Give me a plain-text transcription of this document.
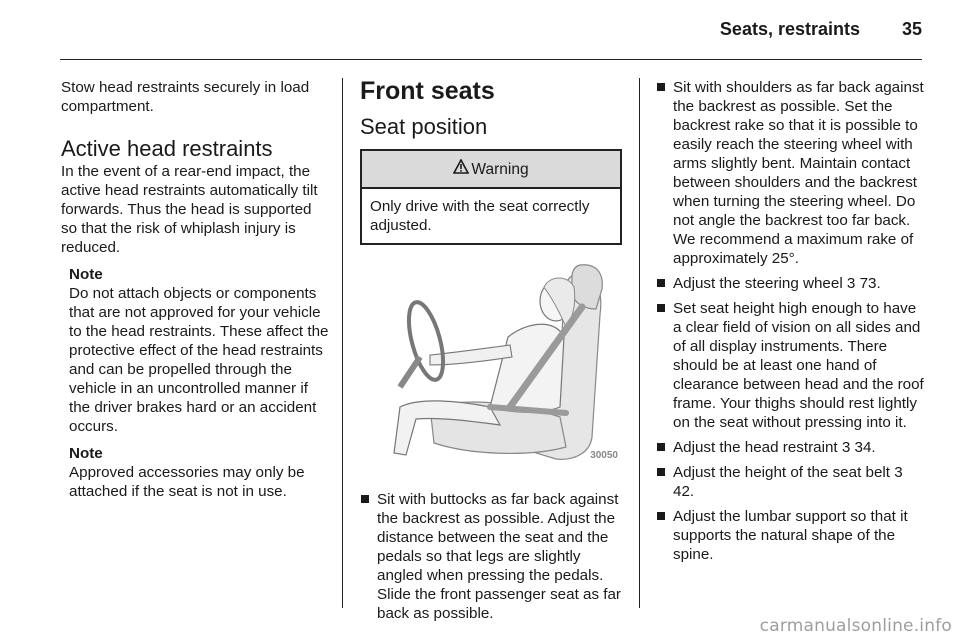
Seats, restraints 35

Stow head restraints securely in load compartment.

Active head restraints

In the event of a rear-end impact, the active head restraints automatically tilt forwards. Thus the head is supported so that the risk of whiplash injury is reduced.

Note

Do not attach objects or components that are not approved for your vehicle to the head restraints. These affect the protective effect of the head restraints and can be propelled through the vehicle in an uncontrolled manner if the driver brakes hard or an accident occurs.

Note

Approved accessories may only be attached if the seat is not in use.

Front seats
Seat position
Warning
Only drive with the seat correctly adjusted.
30050
Sit with buttocks as far back against the backrest as possible. Adjust the distance between the seat and the pedals so that legs are slightly angled when pressing the pedals. Slide the front passenger seat as far back as possible.
Sit with shoulders as far back against the backrest as possible. Set the backrest rake so that it is possible to easily reach the steering wheel with arms slightly bent. Maintain contact between shoulders and the backrest when turning the steering wheel. Do not angle the backrest too far back. We recommend a maximum rake of approximately 25°.
Adjust the steering wheel 3 73.
Set seat height high enough to have a clear field of vision on all sides and of all display instruments. There should be at least one hand of clearance between head and the roof frame. Your thighs should rest lightly on the seat without pressing into it.
Adjust the head restraint 3 34.
Adjust the height of the seat belt 3 42.
Adjust the lumbar support so that it supports the natural shape of the spine.
carmanualsonline.info
